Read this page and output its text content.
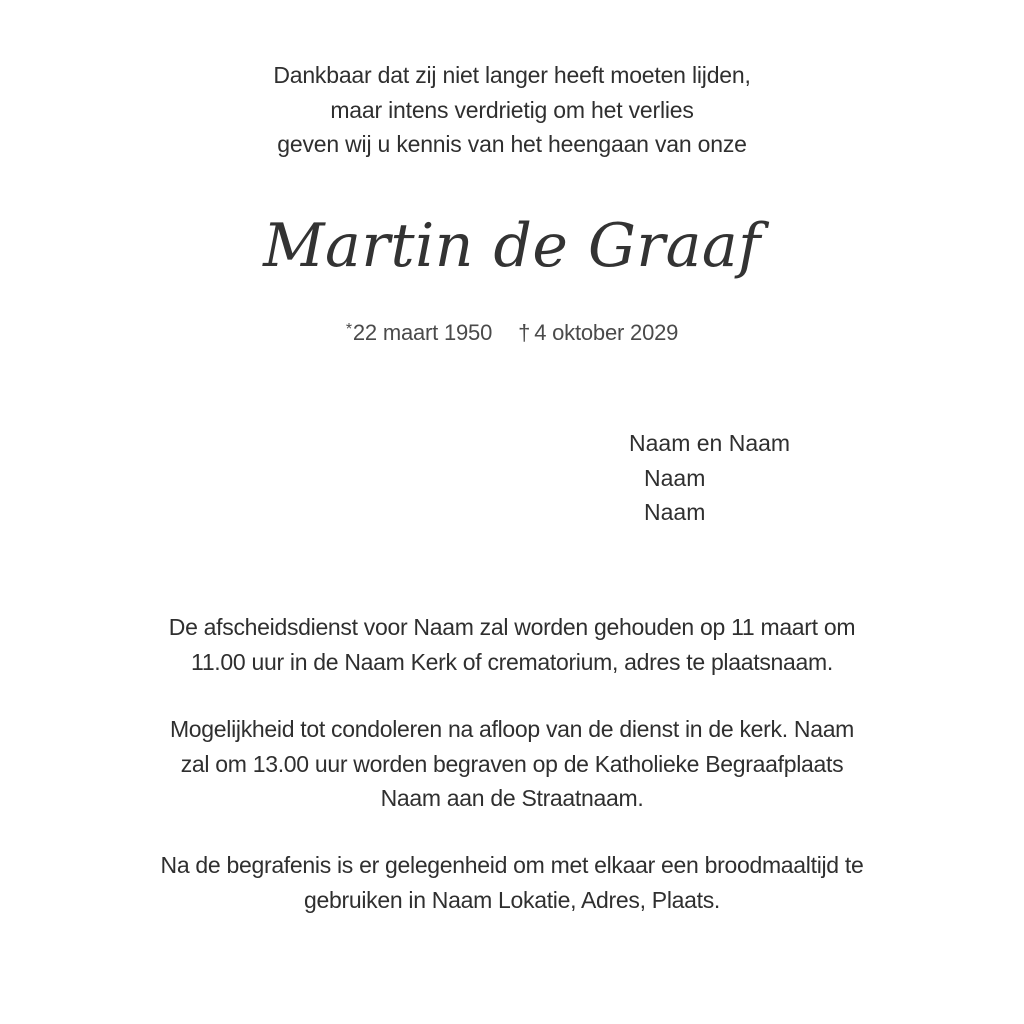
Dankbaar dat zij niet langer heeft moeten lijden,
maar intens verdrietig om het verlies
geven wij u kennis van het heengaan van onze
Martin de Graaf
*22 maart 1950 † 4 oktober 2029
Naam en Naam
Naam
Naam
De afscheidsdienst voor Naam zal worden gehouden op 11 maart om
11.00 uur in de Naam Kerk of crematorium, adres te plaatsnaam.
Mogelijkheid tot condoleren na afloop van de dienst in de kerk. Naam
zal om 13.00 uur worden begraven op de Katholieke Begraafplaats
Naam aan de Straatnaam.
Na de begrafenis is er gelegenheid om met elkaar een broodmaaltijd te
gebruiken in Naam Lokatie, Adres, Plaats.
